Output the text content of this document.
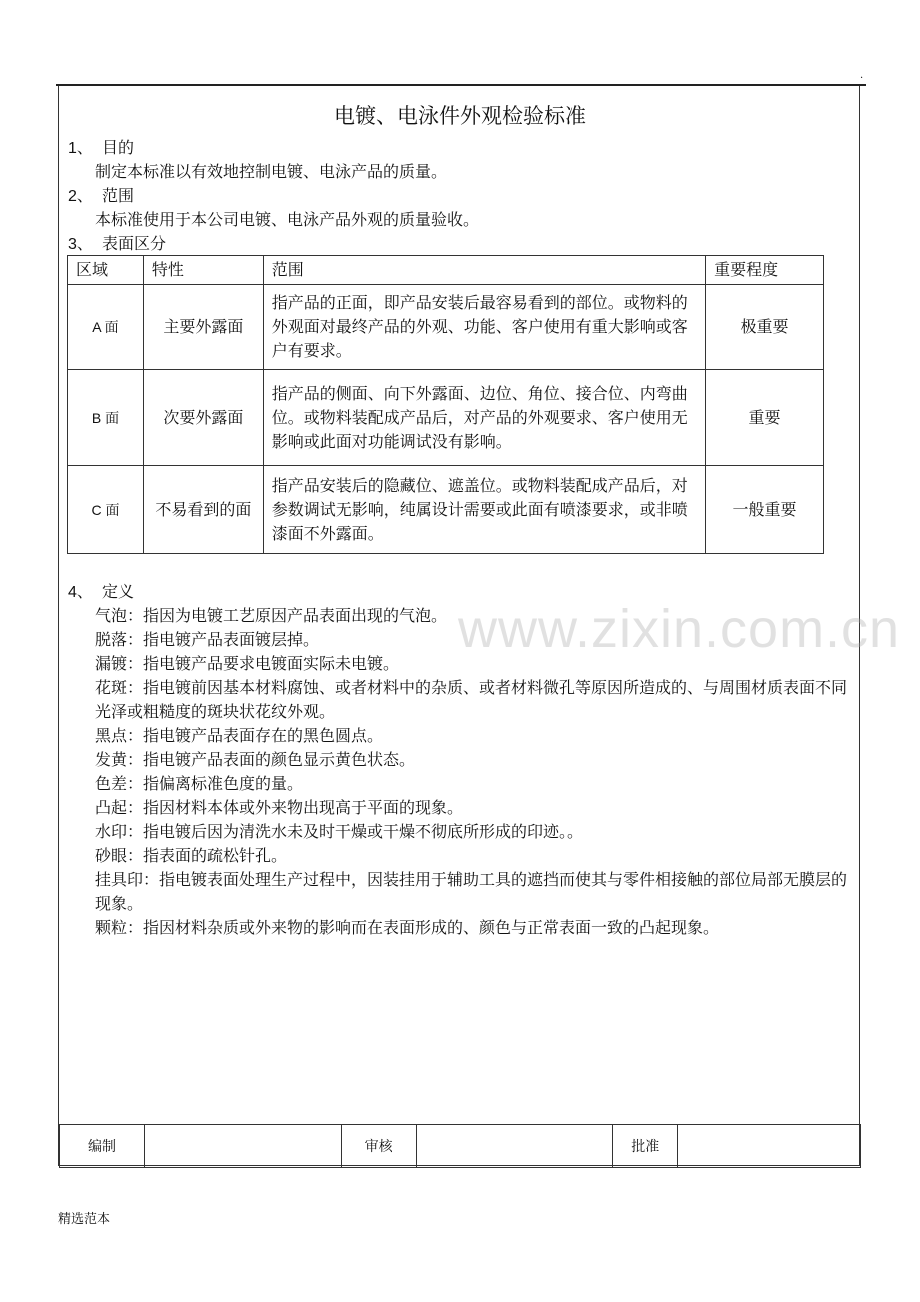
.
电镀、电泳件外观检验标准
1、 目的
制定本标准以有效地控制电镀、电泳产品的质量。
2、 范围
本标准使用于本公司电镀、电泳产品外观的质量验收。
3、 表面区分
区域	特性	范围	重要程度
A 面	主要外露面	指产品的正面，即产品安装后最容易看到的部位。或物料的外观面对最终产品的外观、功能、客户使用有重大影响或客户有要求。	极重要
B 面	次要外露面	指产品的侧面、向下外露面、边位、角位、接合位、内弯曲位。或物料装配成产品后，对产品的外观要求、客户使用无影响或此面对功能调试没有影响。	重要
C 面	不易看到的面	指产品安装后的隐藏位、遮盖位。或物料装配成产品后，对参数调试无影响，纯属设计需要或此面有喷漆要求，或非喷漆面不外露面。	一般重要
4、 定义
www.zixin.com.cn
气泡：指因为电镀工艺原因产品表面出现的气泡。
脱落：指电镀产品表面镀层掉。
漏镀：指电镀产品要求电镀面实际未电镀。
花斑：指电镀前因基本材料腐蚀、或者材料中的杂质、或者材料微孔等原因所造成的、与周围材质表面不同光泽或粗糙度的斑块状花纹外观。
黑点：指电镀产品表面存在的黑色圆点。
发黄：指电镀产品表面的颜色显示黄色状态。
色差：指偏离标准色度的量。
凸起：指因材料本体或外来物出现高于平面的现象。
水印：指电镀后因为清洗水未及时干燥或干燥不彻底所形成的印迹。。
砂眼：指表面的疏松针孔。
挂具印：指电镀表面处理生产过程中，因装挂用于辅助工具的遮挡而使其与零件相接触的部位局部无膜层的现象。
颗粒：指因材料杂质或外来物的影响而在表面形成的、颜色与正常表面一致的凸起现象。
编制		审核		批准	
精选范本
